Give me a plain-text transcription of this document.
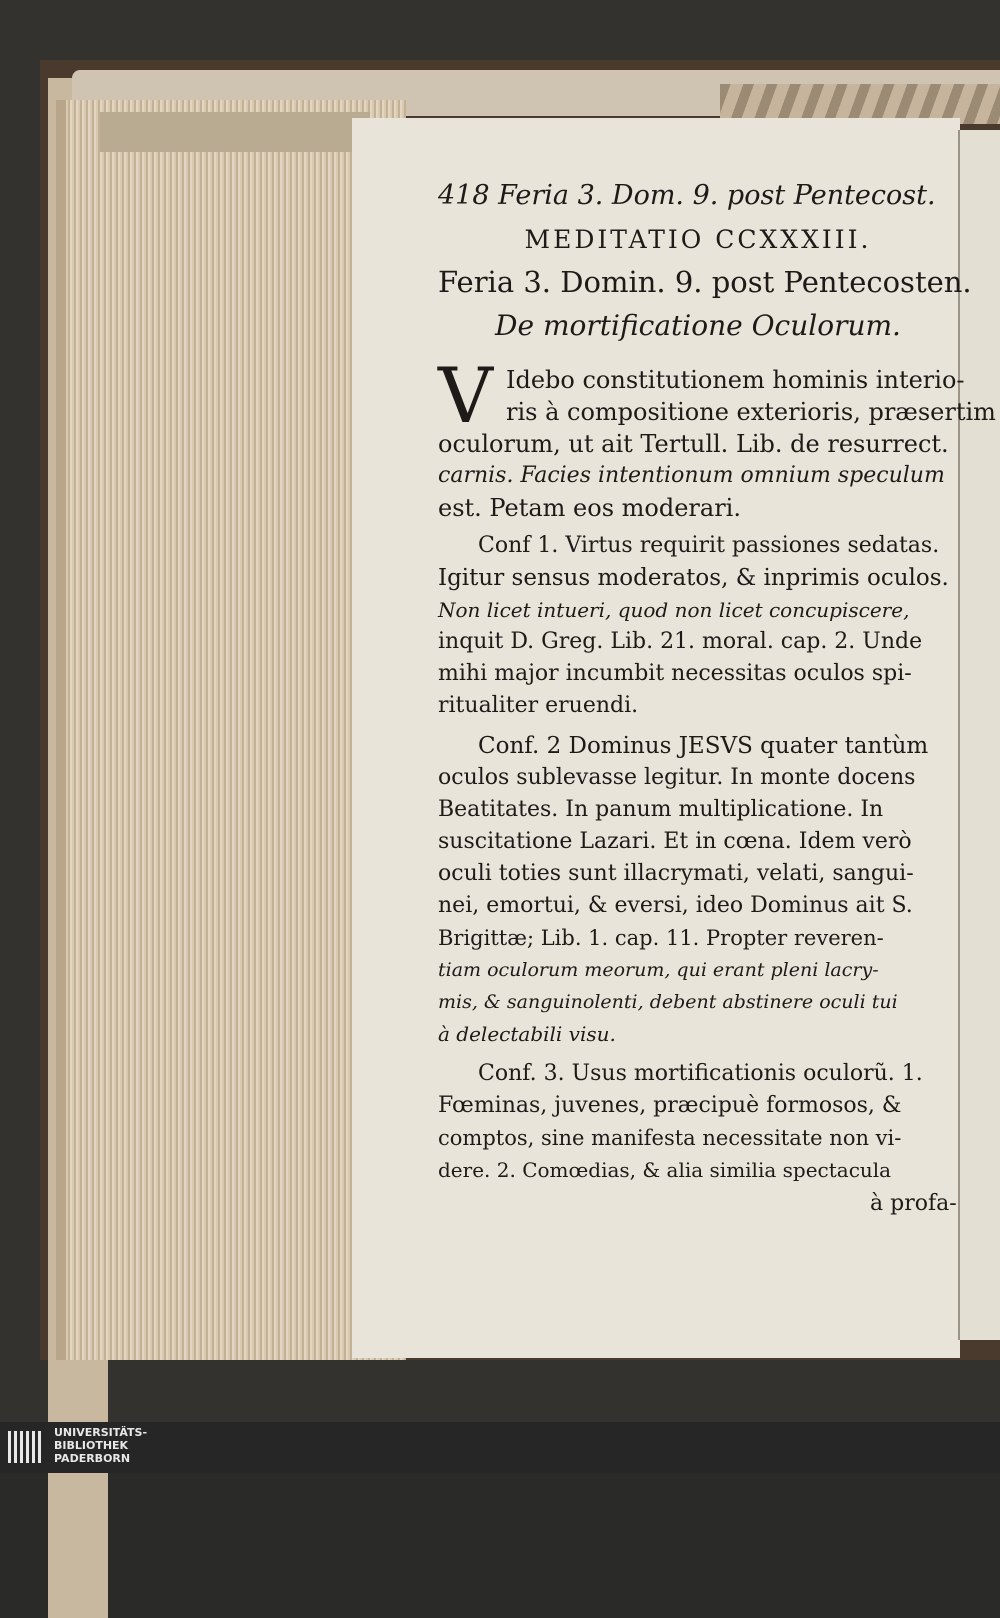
418 Feria 3. Dom. 9. post Pentecost.
MEDITATIO CCXXXIII.
Feria 3. Domin. 9. post Pentecosten.
De mortificatione Oculorum.
V Idebo constitutionem hominis interio-
ris à compositione exterioris, præsertim
oculorum, ut ait Tertull. Lib. de resurrect.
carnis. Facies intentionum omnium speculum
est. Petam eos moderari.
Conf 1. Virtus requirit passiones sedatas.
Igitur sensus moderatos, & inprimis oculos.
Non licet intueri, quod non licet concupiscere,
inquit D. Greg. Lib. 21. moral. cap. 2. Unde
mihi major incumbit necessitas oculos spi-
ritualiter eruendi.
Conf. 2 Dominus JESVS quater tantùm
oculos sublevasse legitur. In monte docens
Beatitates. In panum multiplicatione. In
suscitatione Lazari. Et in cœna. Idem verò
oculi toties sunt illacrymati, velati, sangui-
nei, emortui, & eversi, ideo Dominus ait S.
Brigittæ; Lib. 1. cap. 11. Propter reveren-
tiam oculorum meorum, qui erant pleni lacry-
mis, & sanguinolenti, debent abstinere oculi tui
à delectabili visu.
Conf. 3. Usus mortificationis oculorũ. 1.
Fœminas, juvenes, præcipuè formosos, &
comptos, sine manifesta necessitate non vi-
dere. 2. Comœdias, & alia similia spectacula
à profa-
UNIVERSITÄTS-
BIBLIOTHEK
PADERBORN
